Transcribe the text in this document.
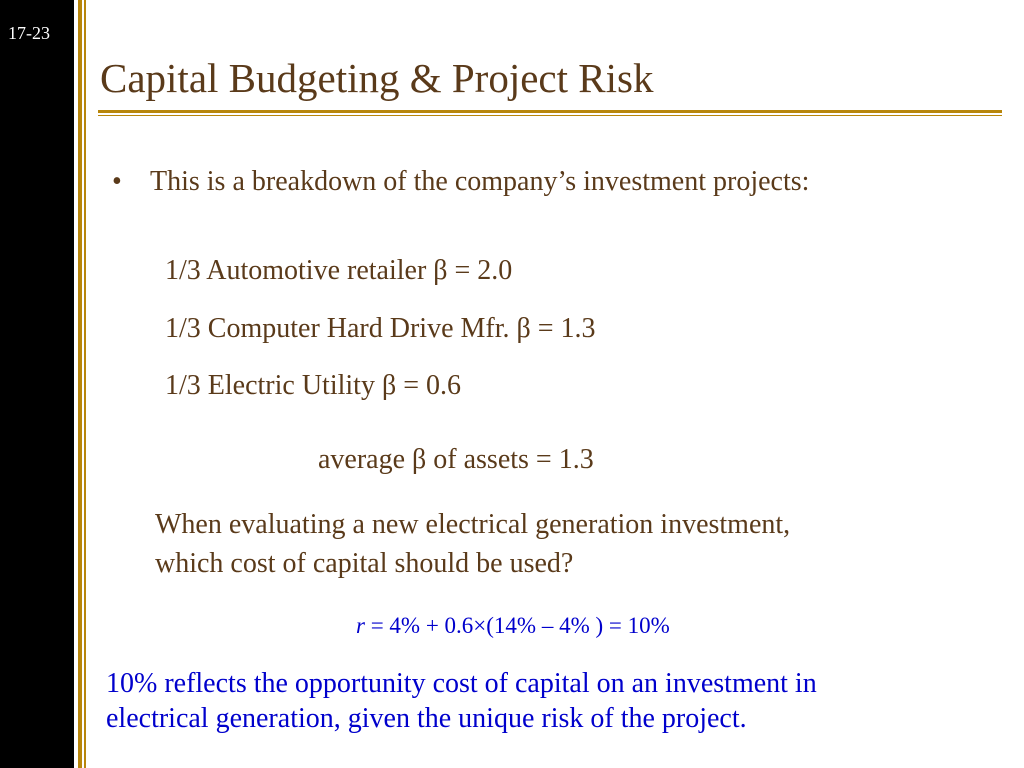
17-23
Capital Budgeting & Project Risk
• This is a breakdown of the company’s investment projects:

1/3 Automotive retailer β = 2.0

1/3 Computer Hard Drive Mfr. β = 1.3

1/3 Electric Utility β = 0.6

average β of assets = 1.3

When evaluating a new electrical generation investment,
which cost of capital should be used?
r = 4% + 0.6×(14% – 4% ) = 10%
10% reflects the opportunity cost of capital on an investment in
electrical generation, given the unique risk of the project.
